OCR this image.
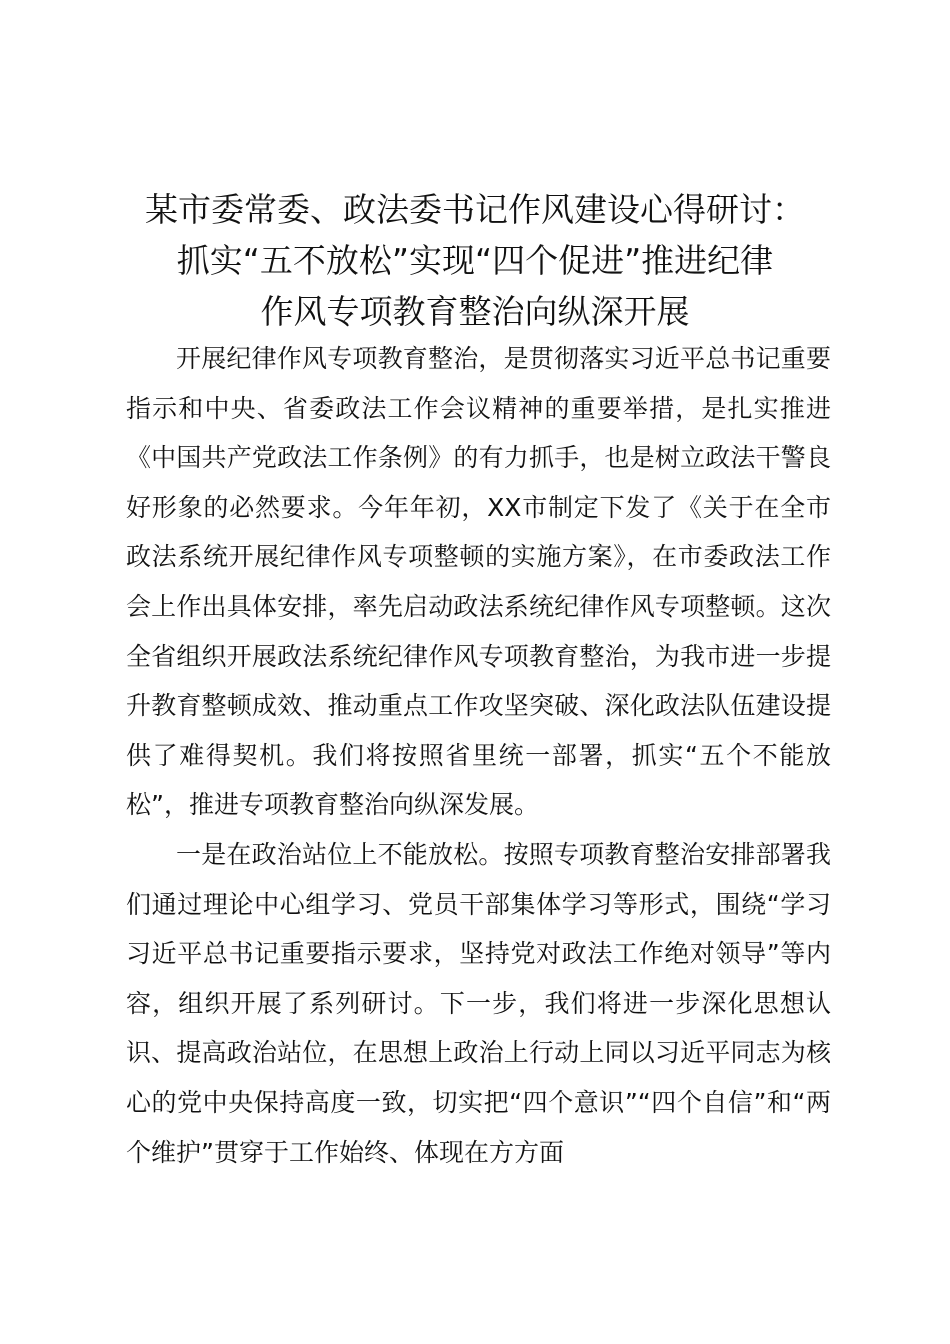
某市委常委、政法委书记作风建设心得研讨：
抓实“五不放松”实现“四个促进”推进纪律
作风专项教育整治向纵深开展

开展纪律作风专项教育整治，是贯彻落实习近平总书记重要指示和中央、省委政法工作会议精神的重要举措，是扎实推进《中国共产党政法工作条例》的有力抓手，也是树立政法干警良好形象的必然要求。今年年初，XX市制定下发了《关于在全市政法系统开展纪律作风专项整顿的实施方案》，在市委政法工作会上作出具体安排，率先启动政法系统纪律作风专项整顿。这次全省组织开展政法系统纪律作风专项教育整治，为我市进一步提升教育整顿成效、推动重点工作攻坚突破、深化政法队伍建设提供了难得契机。我们将按照省里统一部署，抓实“五个不能放松”，推进专项教育整治向纵深发展。

一是在政治站位上不能放松。按照专项教育整治安排部署我们通过理论中心组学习、党员干部集体学习等形式，围绕“学习习近平总书记重要指示要求，坚持党对政法工作绝对领导”等内容，组织开展了系列研讨。下一步，我们将进一步深化思想认识、提高政治站位，在思想上政治上行动上同以习近平同志为核心的党中央保持高度一致，切实把“四个意识”“四个自信”和“两个维护”贯穿于工作始终、体现在方方面
